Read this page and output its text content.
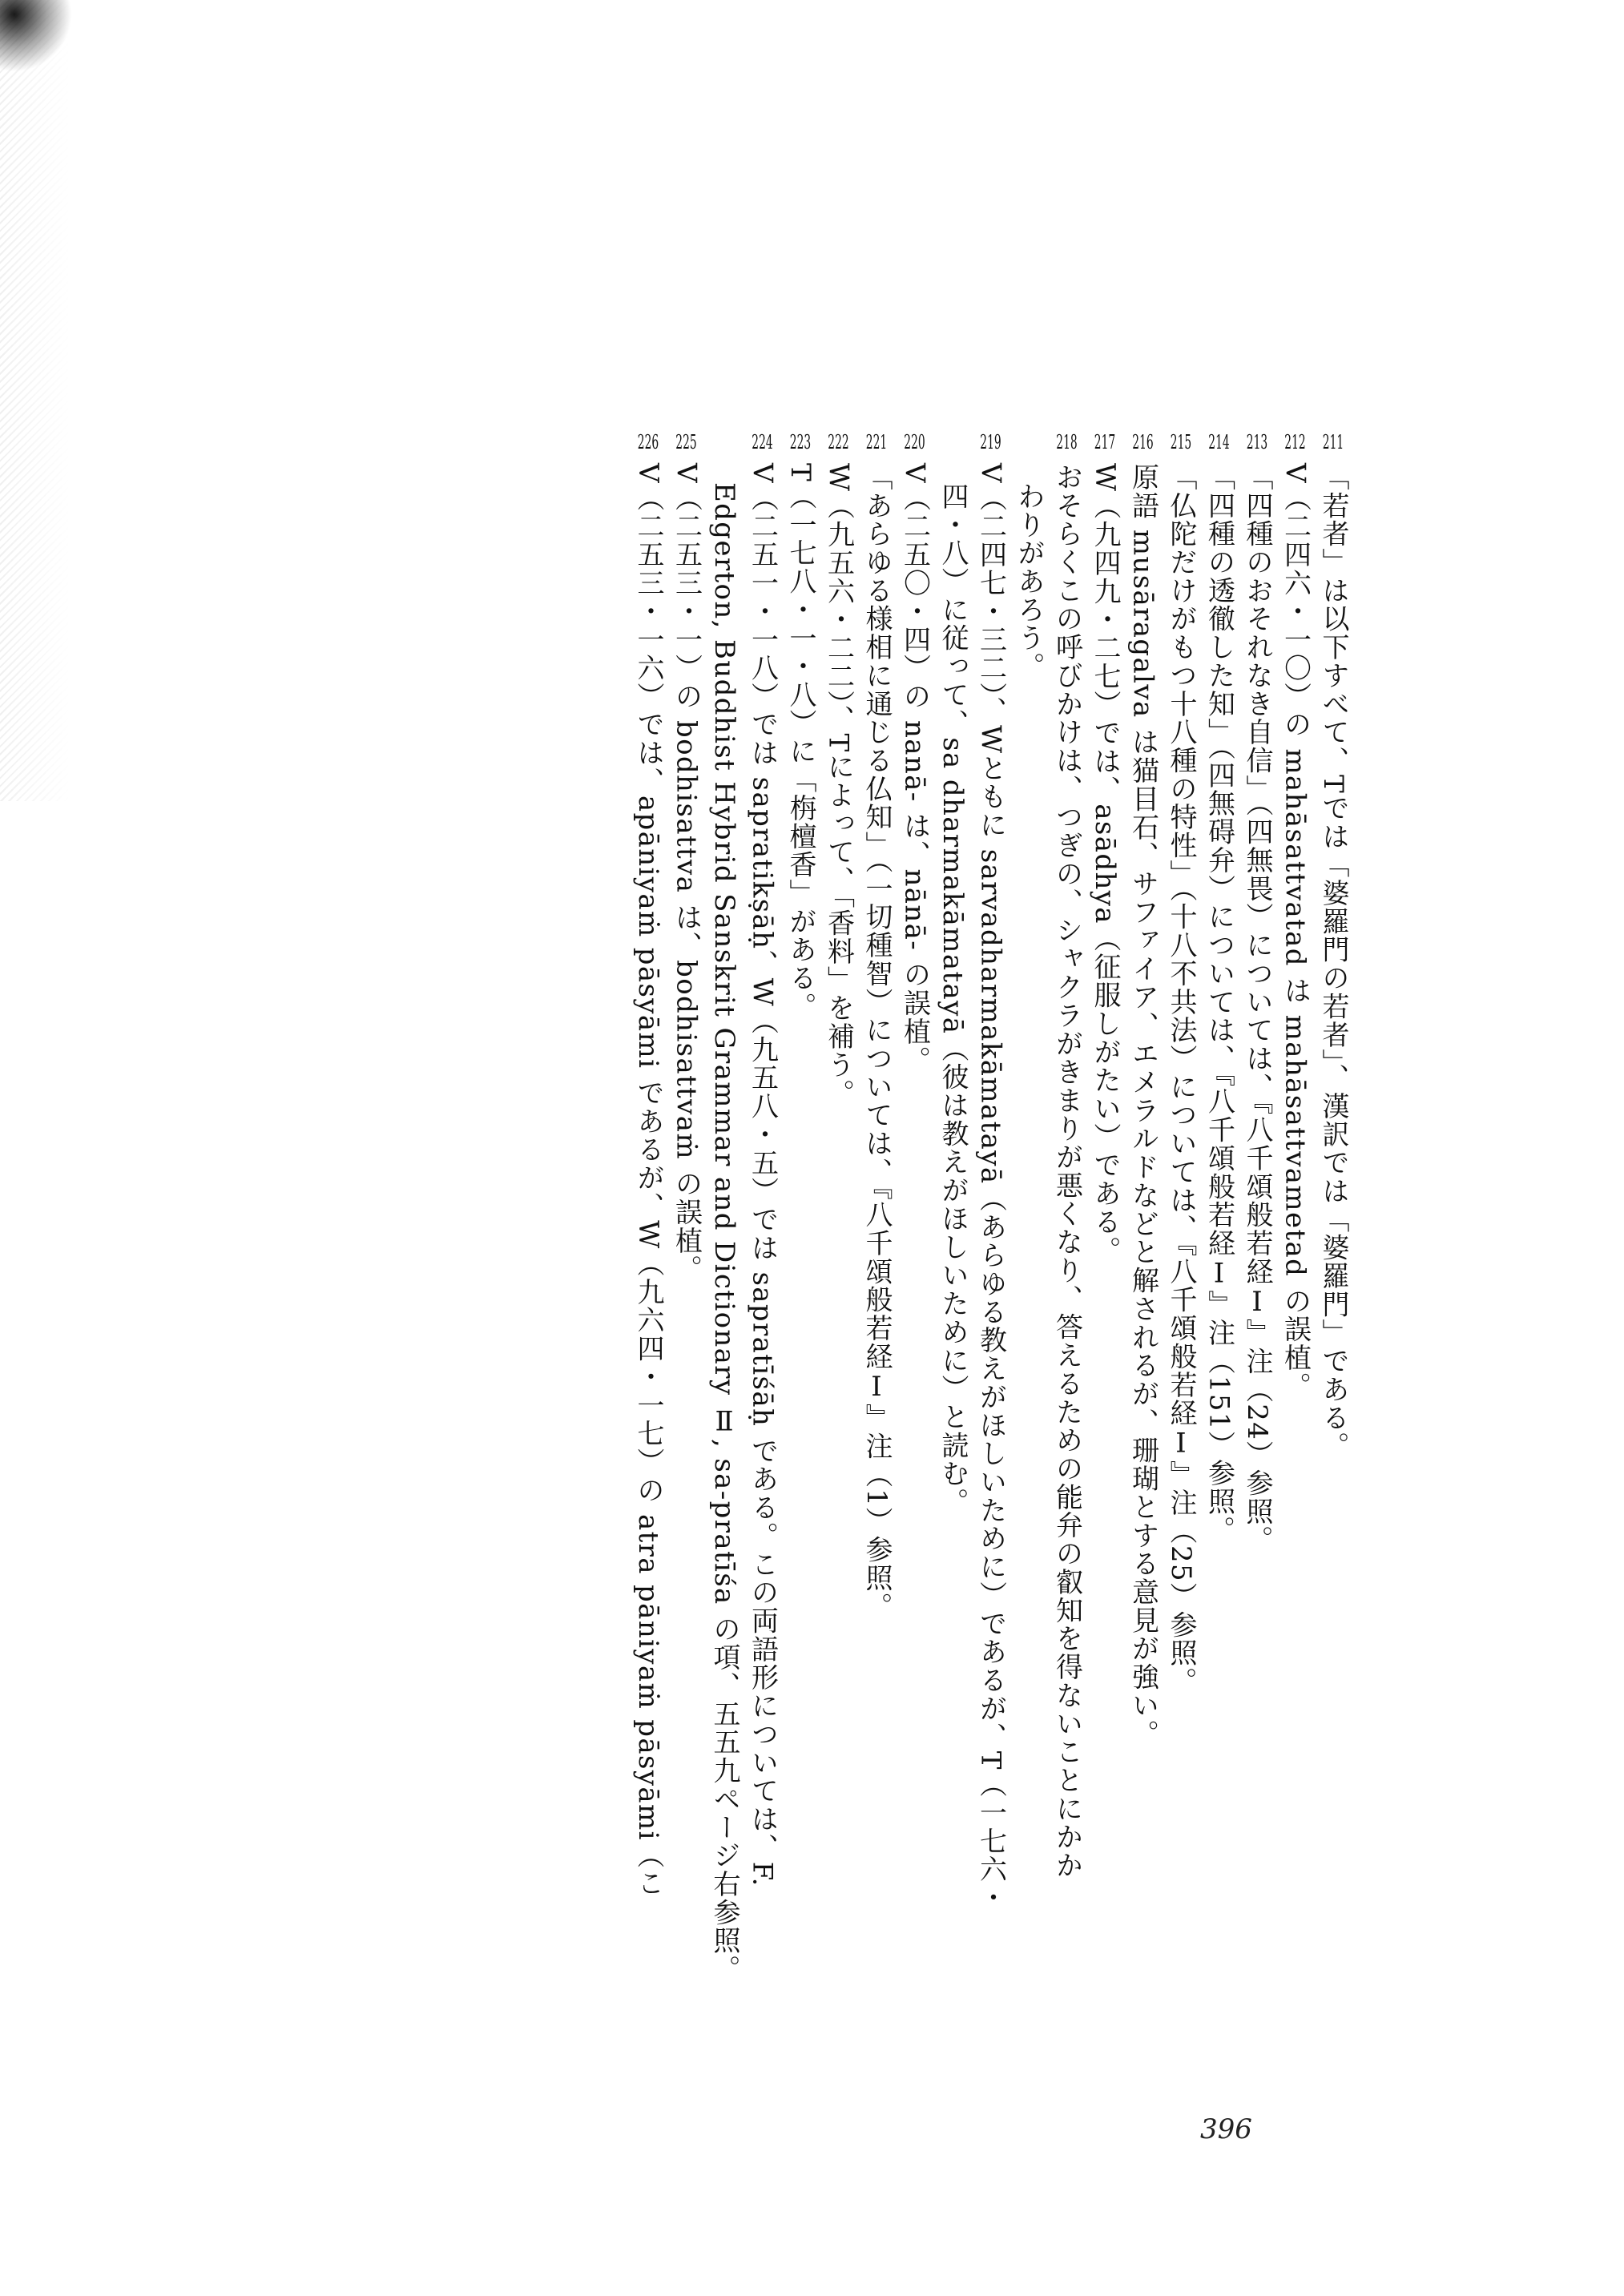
211「若者」は以下すべて、Tでは「婆羅門の若者」、漢訳では「婆羅門」である。
212V（二四六・一〇）の mahāsattvatad は mahāsattvametad の誤植。
213「四種のおそれなき自信」（四無畏）については、『八千頌般若経Ⅰ』注（24）参照。
214「四種の透徹した知」（四無碍弁）については、『八千頌般若経Ⅰ』注（151）参照。
215「仏陀だけがもつ十八種の特性」（十八不共法）については、『八千頌般若経Ⅰ』注（25）参照。
216原語 musāragalva は猫目石、サファイア、エメラルドなどと解されるが、珊瑚とする意見が強い。
217W（九四九・二七）では、asādhya（征服しがたい）である。
218おそらくこの呼びかけは、つぎの、シャクラがきまりが悪くなり、答えるための能弁の叡知を得ないことにかか
わりがあろう。
219V（二四七・三二）、Wともに sarvadharmakāmatayā（あらゆる教えがほしいために）であるが、T（一七六・
四・八）に従って、sa dharmakāmatayā（彼は教えがほしいために）と読む。
220V（二五〇・四）の nanā- は、nānā- の誤植。
221「あらゆる様相に通じる仏知」（一切種智）については、『八千頌般若経Ⅰ』注（1）参照。
222W（九五六・二二）、Tによって、「香料」を補う。
223T（一七八・一・八）に「栴檀香」がある。
224V（二五一・一八）では sapratikṣāḥ、W（九五八・五）では sapratīśāḥ である。この両語形については、F.
Edgerton, Buddhist Hybrid Sanskrit Grammar and Dictionary Ⅱ, sa-pratīśa の項、五五九ページ右参照。
225V（二五三・一）の bodhisattva は、bodhisattvaṁ の誤植。
226V（二五三・一六）では、apāniyaṁ pāsyāmi であるが、W（九六四・一七）の atra pāniyaṁ pāsyāmi（こ
396
